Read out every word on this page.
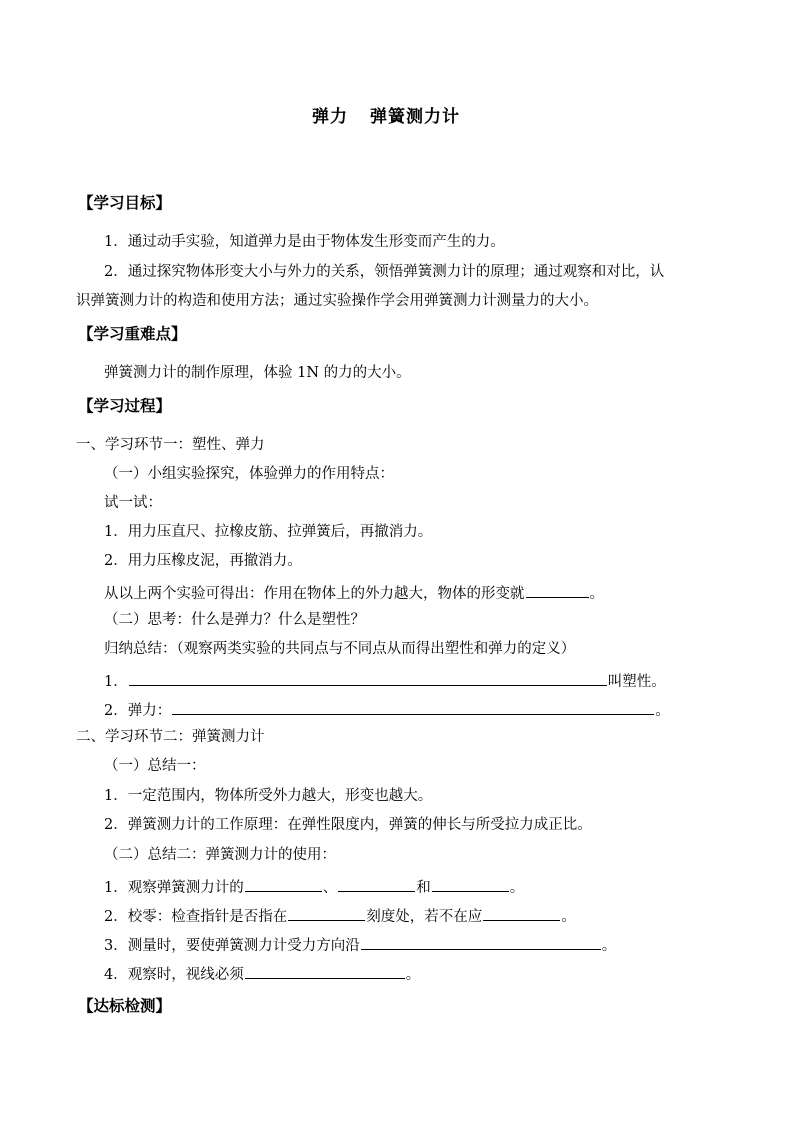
弹力 弹簧测力计
【学习目标】
1．通过动手实验，知道弹力是由于物体发生形变而产生的力。
2．通过探究物体形变大小与外力的关系，领悟弹簧测力计的原理；通过观察和对比，认
识弹簧测力计的构造和使用方法；通过实验操作学会用弹簧测力计测量力的大小。
【学习重难点】
弹簧测力计的制作原理，体验 1N 的力的大小。
【学习过程】
一、学习环节一：塑性、弹力
（一）小组实验探究，体验弹力的作用特点：
试一试：
1．用力压直尺、拉橡皮筋、拉弹簧后，再撤消力。
2．用力压橡皮泥，再撤消力。
从以上两个实验可得出：作用在物体上的外力越大，物体的形变就	。
（二）思考：什么是弹力？什么是塑性？
归纳总结：（观察两类实验的共同点与不同点从而得出塑性和弹力的定义）
1．	叫塑性。
2．弹力：	。
二、学习环节二：弹簧测力计
（一）总结一：
1．一定范围内，物体所受外力越大，形变也越大。
2．弹簧测力计的工作原理：在弹性限度内，弹簧的伸长与所受拉力成正比。
（二）总结二：弹簧测力计的使用：
1．观察弹簧测力计的	、	和	。
2．校零：检查指针是否指在	刻度处，若不在应	。
3．测量时，要使弹簧测力计受力方向沿	。
4．观察时，视线必须	。
【达标检测】
